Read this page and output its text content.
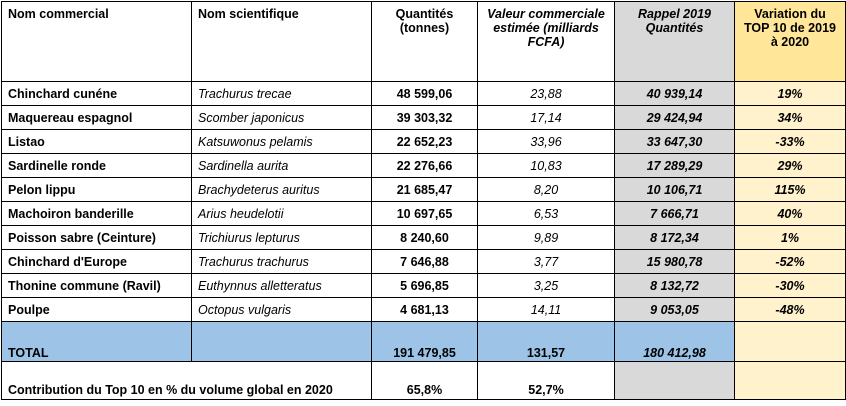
Nom commercial	Nom scientifique	Quantités (tonnes)	Valeur commerciale estimée (milliards FCFA)	Rappel 2019 Quantités	Variation du TOP 10 de 2019 à 2020
Chinchard cunéne	Trachurus trecae	48 599,06	23,88	40 939,14	19%
Maquereau espagnol	Scomber japonicus	39 303,32	17,14	29 424,94	34%
Listao	Katsuwonus pelamis	22 652,23	33,96	33 647,30	-33%
Sardinelle ronde	Sardinella aurita	22 276,66	10,83	17 289,29	29%
Pelon lippu	Brachydeterus auritus	21 685,47	8,20	10 106,71	115%
Machoiron banderille	Arius heudelotii	10 697,65	6,53	7 666,71	40%
Poisson sabre (Ceinture)	Trichiurus lepturus	8 240,60	9,89	8 172,34	1%
Chinchard d'Europe	Trachurus trachurus	7 646,88	3,77	15 980,78	-52%
Thonine commune (Ravil)	Euthynnus alletteratus	5 696,85	3,25	8 132,72	-30%
Poulpe	Octopus vulgaris	4 681,13	14,11	9 053,05	-48%
TOTAL		191 479,85	131,57	180 412,98	
Contribution du Top 10 en % du volume global en 2020		65,8%	52,7%		
